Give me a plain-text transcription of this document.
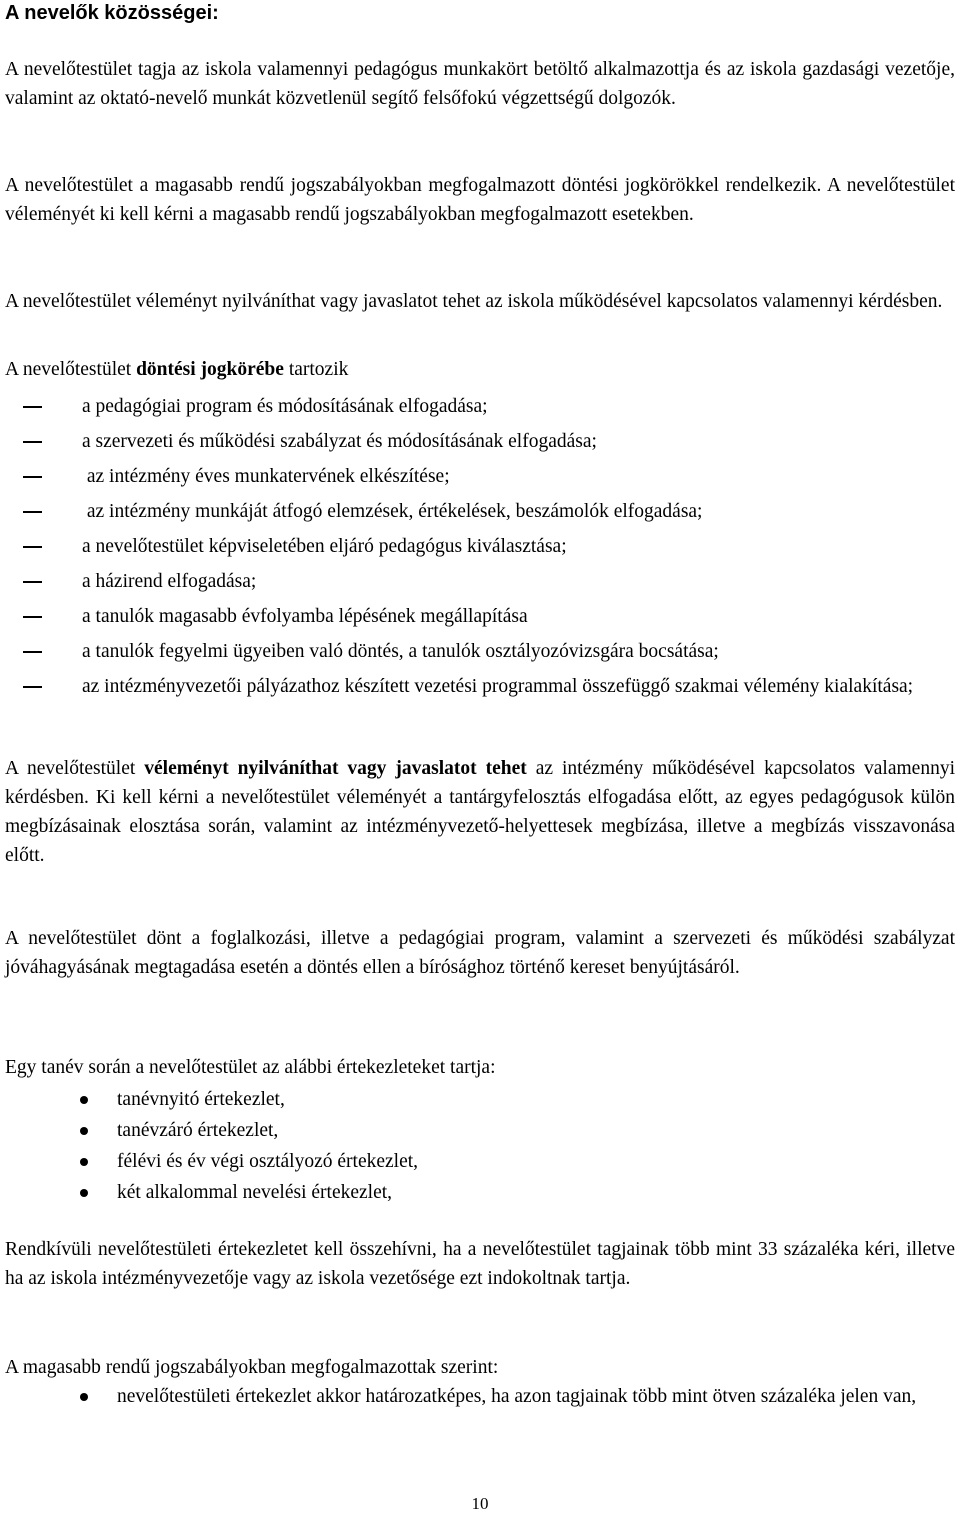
A nevelők közösségei:

A nevelőtestület tagja az iskola valamennyi pedagógus munkakört betöltő alkalmazottja és az iskola gazdasági vezetője, valamint az oktató-nevelő munkát közvetlenül segítő felsőfokú végzettségű dolgozók.

A nevelőtestület a magasabb rendű jogszabályokban megfogalmazott döntési jogkörökkel rendelkezik. A nevelőtestület véleményét ki kell kérni a magasabb rendű jogszabályokban megfogalmazott esetekben.

A nevelőtestület véleményt nyilváníthat vagy javaslatot tehet az iskola működésével kapcsolatos valamennyi kérdésben.

A nevelőtestület döntési jogkörébe tartozik

a pedagógiai program és módosításának elfogadása;
a szervezeti és működési szabályzat és módosításának elfogadása;
az intézmény éves munkatervének elkészítése;
az intézmény munkáját átfogó elemzések, értékelések, beszámolók elfogadása;
a nevelőtestület képviseletében eljáró pedagógus kiválasztása;
a házirend elfogadása;
a tanulók magasabb évfolyamba lépésének megállapítása
a tanulók fegyelmi ügyeiben való döntés, a tanulók osztályozóvizsgára bocsátása;
az intézményvezetői pályázathoz készített vezetési programmal összefüggő szakmai vélemény kialakítása;

A nevelőtestület véleményt nyilváníthat vagy javaslatot tehet az intézmény működésével kapcsolatos valamennyi kérdésben. Ki kell kérni a nevelőtestület véleményét a tantárgyfelosztás elfogadása előtt, az egyes pedagógusok külön megbízásainak elosztása során, valamint az intézményvezető-helyettesek megbízása, illetve a megbízás visszavonása előtt.

A nevelőtestület dönt a foglalkozási, illetve a pedagógiai program, valamint a szervezeti és működési szabályzat jóváhagyásának megtagadása esetén a döntés ellen a bírósághoz történő kereset benyújtásáról.

Egy tanév során a nevelőtestület az alábbi értekezleteket tartja:

tanévnyitó értekezlet,
tanévzáró értekezlet,
félévi és év végi osztályozó értekezlet,
két alkalommal nevelési értekezlet,

Rendkívüli nevelőtestületi értekezletet kell összehívni, ha a nevelőtestület tagjainak több mint 33 százaléka kéri, illetve ha az iskola intézményvezetője vagy az iskola vezetősége ezt indokoltnak tartja.

A magasabb rendű jogszabályokban megfogalmazottak szerint:

nevelőtestületi értekezlet akkor határozatképes, ha azon tagjainak több mint ötven százaléka jelen van,
10
